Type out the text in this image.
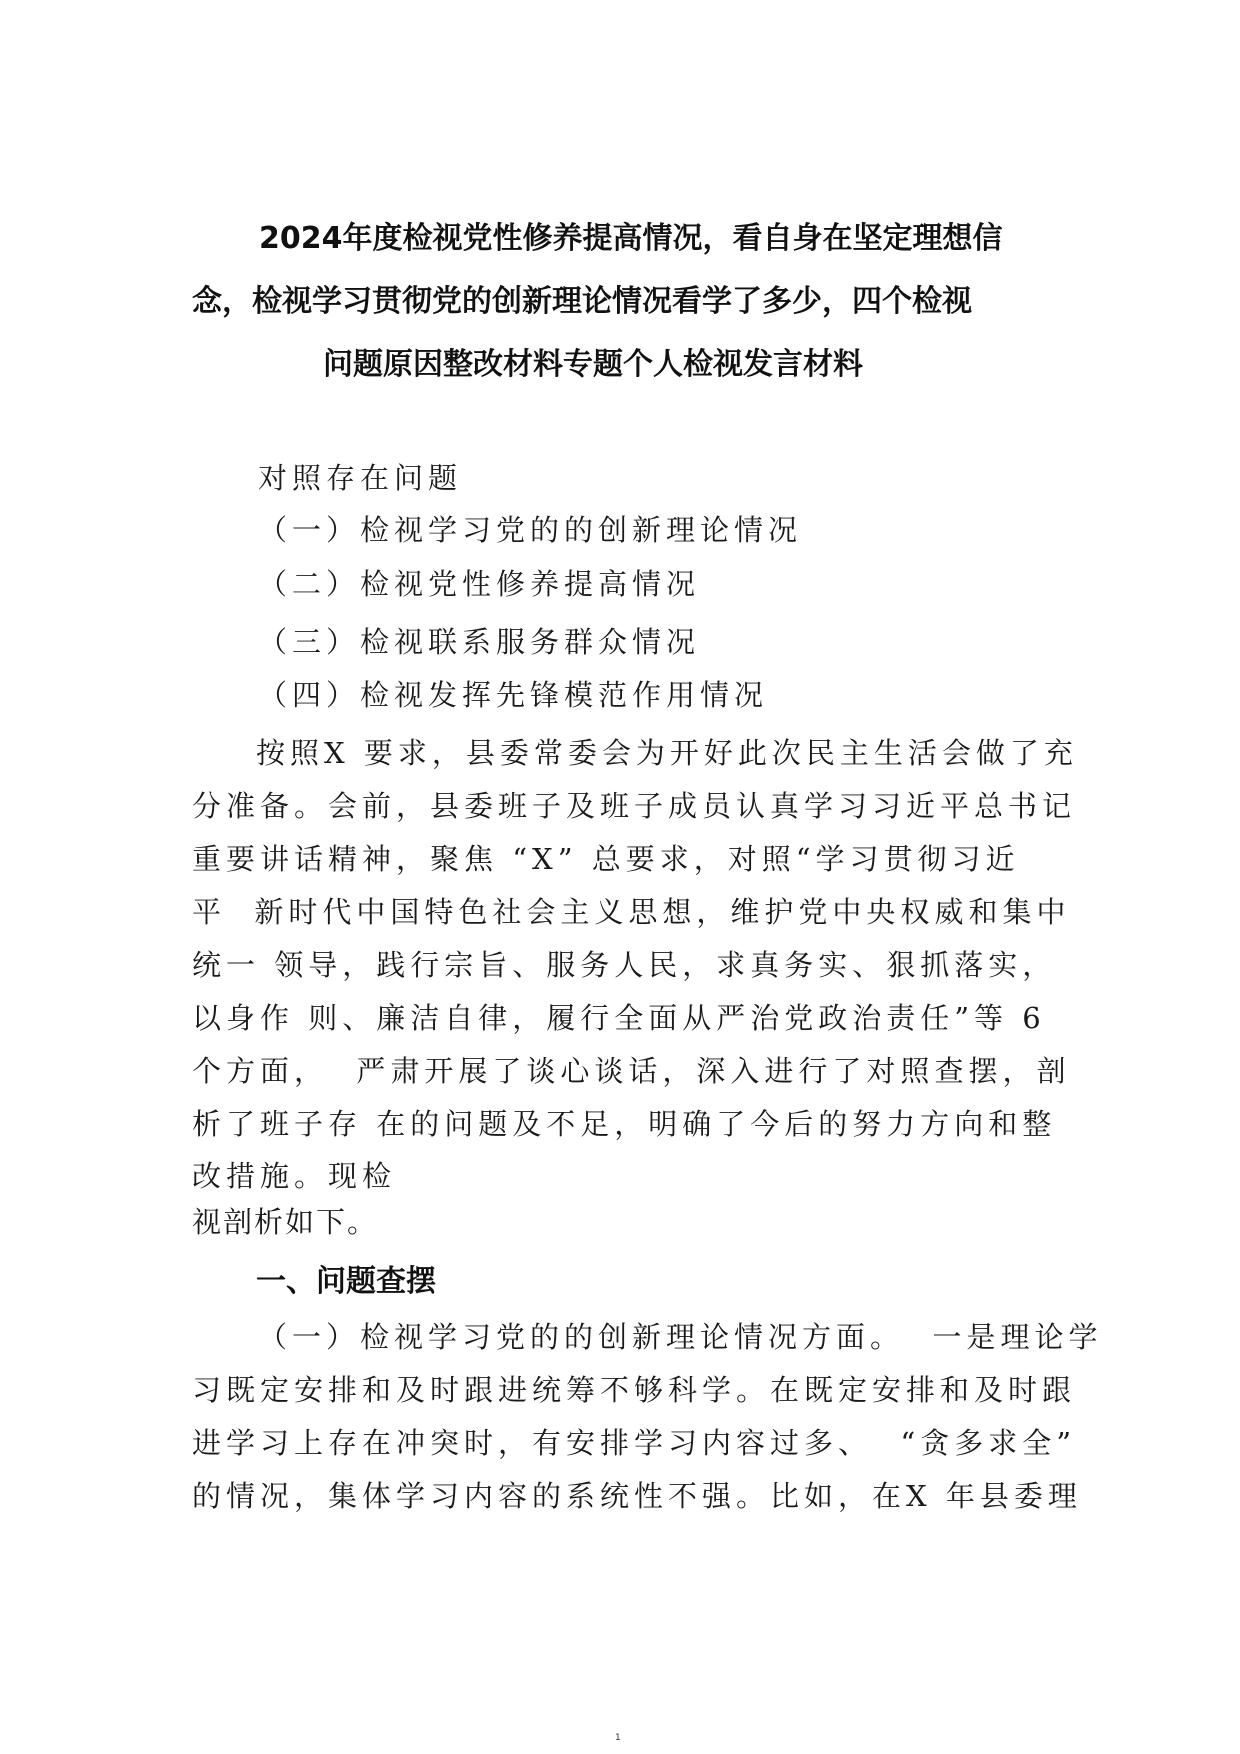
2024年度检视党性修养提高情况，看自身在坚定理想信
念，检视学习贯彻党的创新理论情况看学了多少，四个检视
问题原因整改材料专题个人检视发言材料
对照存在问题
（一）检视学习党的的创新理论情况
（二）检视党性修养提高情况
（三）检视联系服务群众情况
（四）检视发挥先锋模范作用情况
按照X 要求，县委常委会为开好此次民主生活会做了充
分准备。会前，县委班子及班子成员认真学习习近平总书记
重要讲话精神，聚焦 “X” 总要求，对照“学习贯彻习近
平  新时代中国特色社会主义思想，维护党中央权威和集中
统一 领导，践行宗旨、服务人民，求真务实、狠抓落实，
以身作 则、廉洁自律，履行全面从严治党政治责任”等 6
个方面，  严肃开展了谈心谈话，深入进行了对照查摆，剖
析了班子存 在的问题及不足，明确了今后的努力方向和整
改措施。现检
视剖析如下。
一、问题查摆
（一）检视学习党的的创新理论情况方面。  一是理论学
习既定安排和及时跟进统筹不够科学。在既定安排和及时跟
进学习上存在冲突时，有安排学习内容过多、  “贪多求全”
的情况，集体学习内容的系统性不强。比如，在X 年县委理
1
